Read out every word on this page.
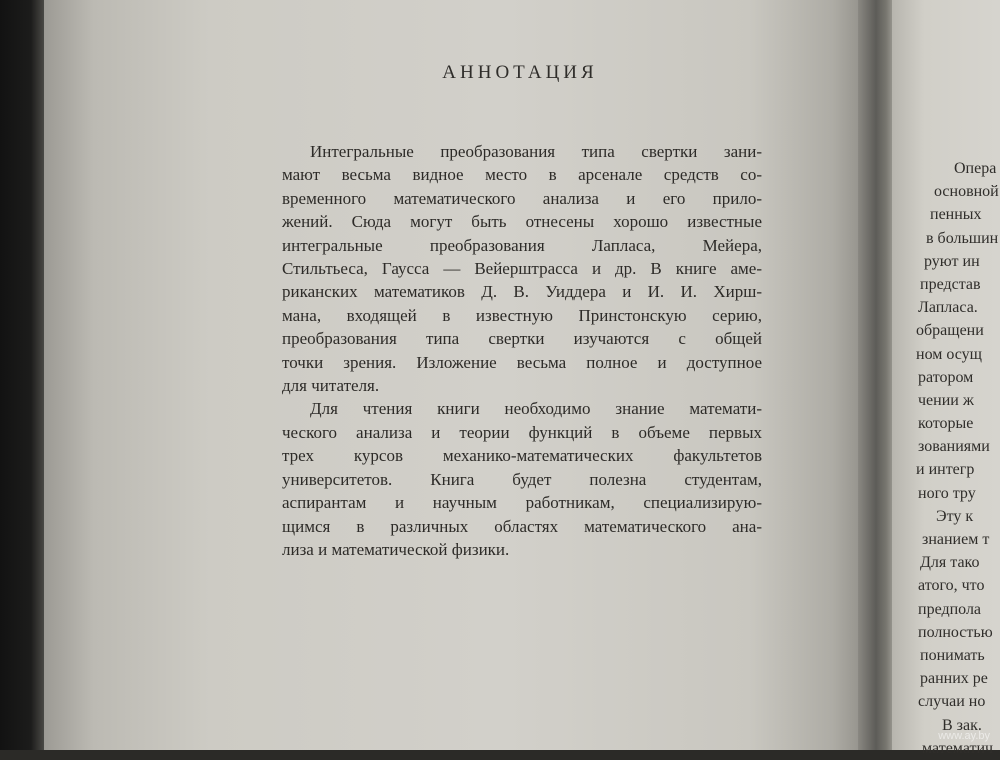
АННОТАЦИЯ

Интегральные преобразования типа свертки зани-

мают весьма видное место в арсенале средств со-

временного математического анализа и его прило-

жений. Сюда могут быть отнесены хорошо известные

интегральные преобразования Лапласа, Мейера,

Стильтьеса, Гаусса — Вейерштрасса и др. В книге аме-

риканских математиков Д. В. Уиддера и И. И. Хирш-

мана, входящей в известную Принстонскую серию,

преобразования типа свертки изучаются с общей

точки зрения. Изложение весьма полное и доступное

для читателя.

Для чтения книги необходимо знание математи-

ческого анализа и теории функций в объеме первых

трех курсов механико-математических факультетов

университетов. Книга будет полезна студентам,

аспирантам и научным работникам, специализирую-

щимся в различных областях математического ана-

лиза и математической физики.

Опера
основной
пенных
в большин
руют ин
представ
Лапласа.
обращени
ном осущ
ратором
чении ж
которые
зованиями
и интегр
ного тру
Эту к
знанием т
Для тако
атого, что
предпола
полностью
понимать
ранних ре
случаи но
В зак.
математич
www.ay.by
